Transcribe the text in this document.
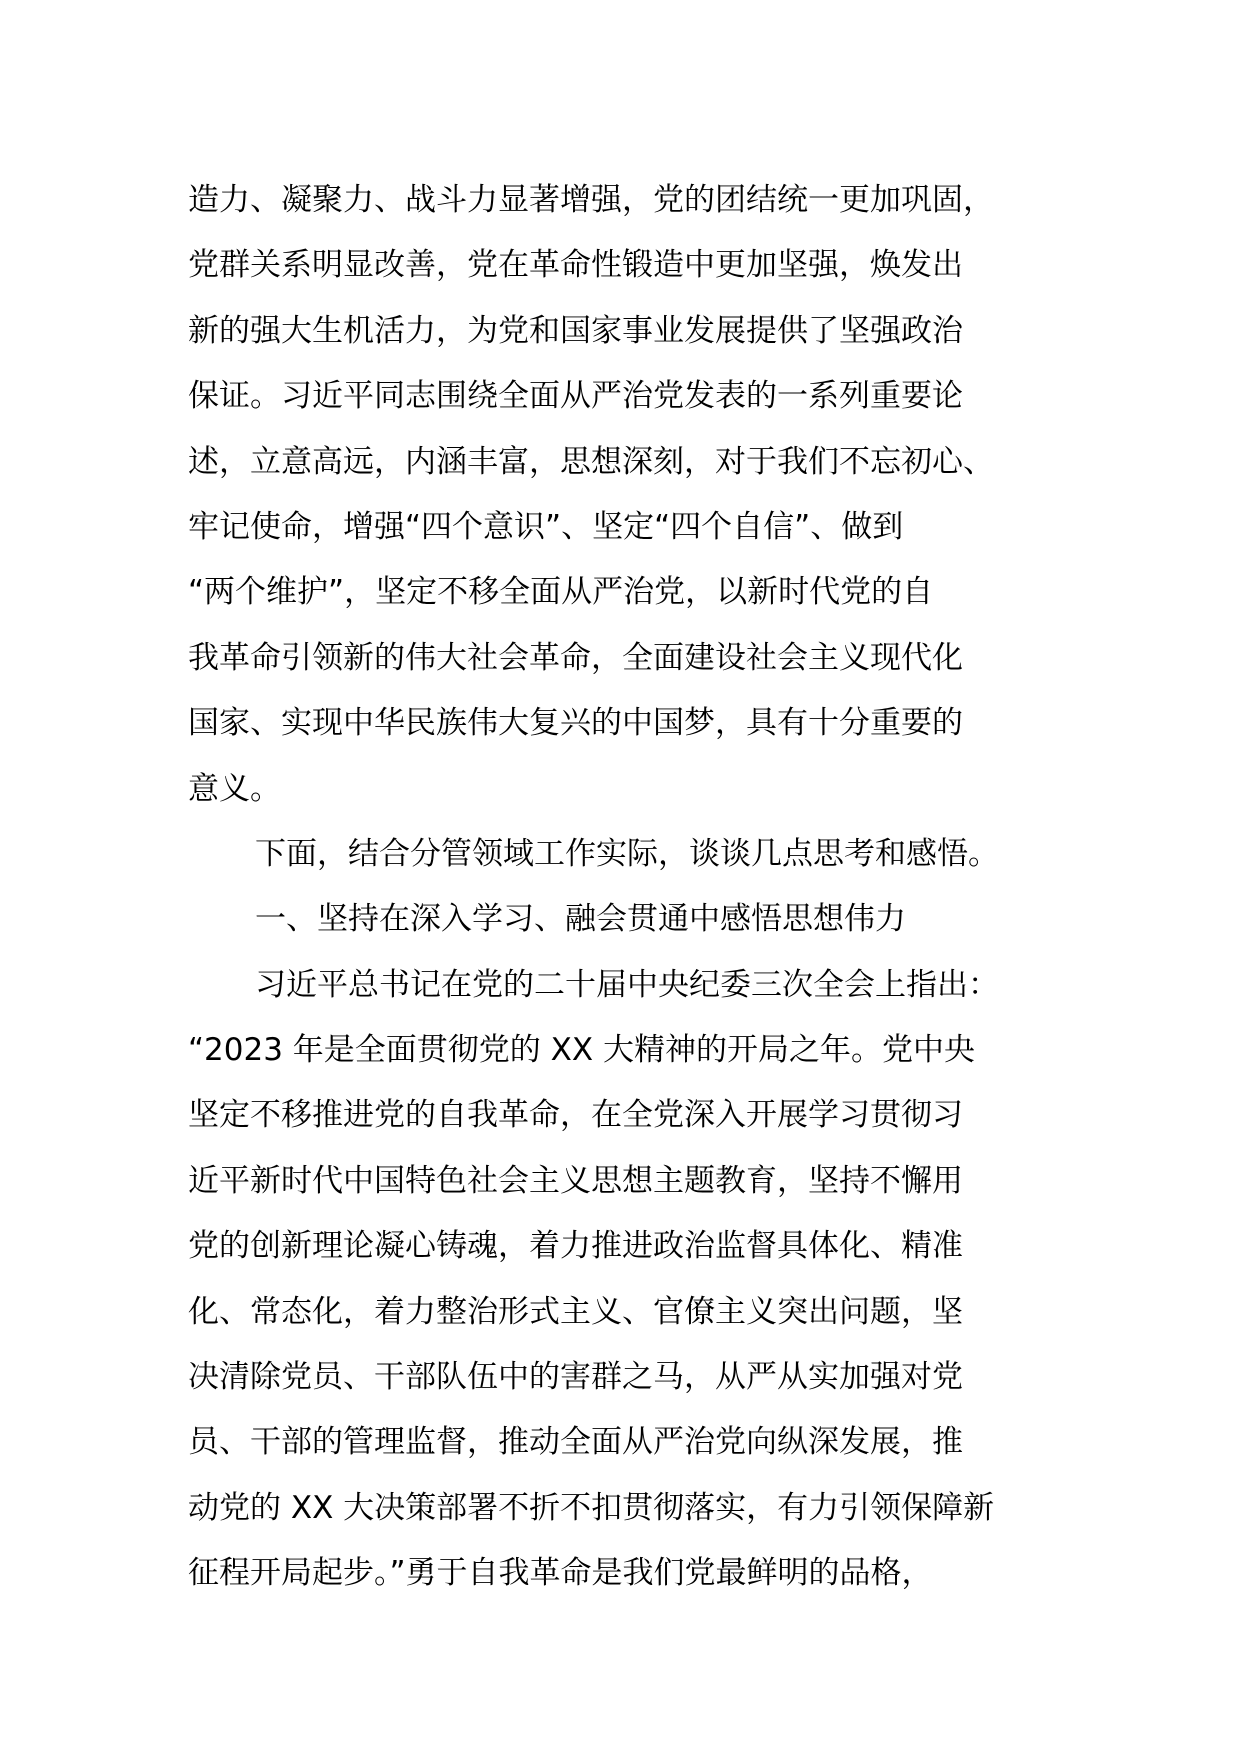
造力、凝聚力、战斗力显著增强，党的团结统一更加巩固，
党群关系明显改善，党在革命性锻造中更加坚强，焕发出
新的强大生机活力，为党和国家事业发展提供了坚强政治
保证。习近平同志围绕全面从严治党发表的一系列重要论
述，立意高远，内涵丰富，思想深刻，对于我们不忘初心、
牢记使命，增强“四个意识”、坚定“四个自信”、做到
“两个维护”，坚定不移全面从严治党，以新时代党的自
我革命引领新的伟大社会革命，全面建设社会主义现代化
国家、实现中华民族伟大复兴的中国梦，具有十分重要的
意义。
下面，结合分管领域工作实际，谈谈几点思考和感悟。
一、坚持在深入学习、融会贯通中感悟思想伟力
习近平总书记在党的二十届中央纪委三次全会上指出：
“2023 年是全面贯彻党的 XX 大精神的开局之年。党中央
坚定不移推进党的自我革命，在全党深入开展学习贯彻习
近平新时代中国特色社会主义思想主题教育，坚持不懈用
党的创新理论凝心铸魂，着力推进政治监督具体化、精准
化、常态化，着力整治形式主义、官僚主义突出问题，坚
决清除党员、干部队伍中的害群之马，从严从实加强对党
员、干部的管理监督，推动全面从严治党向纵深发展，推
动党的 XX 大决策部署不折不扣贯彻落实，有力引领保障新
征程开局起步。”勇于自我革命是我们党最鲜明的品格，
